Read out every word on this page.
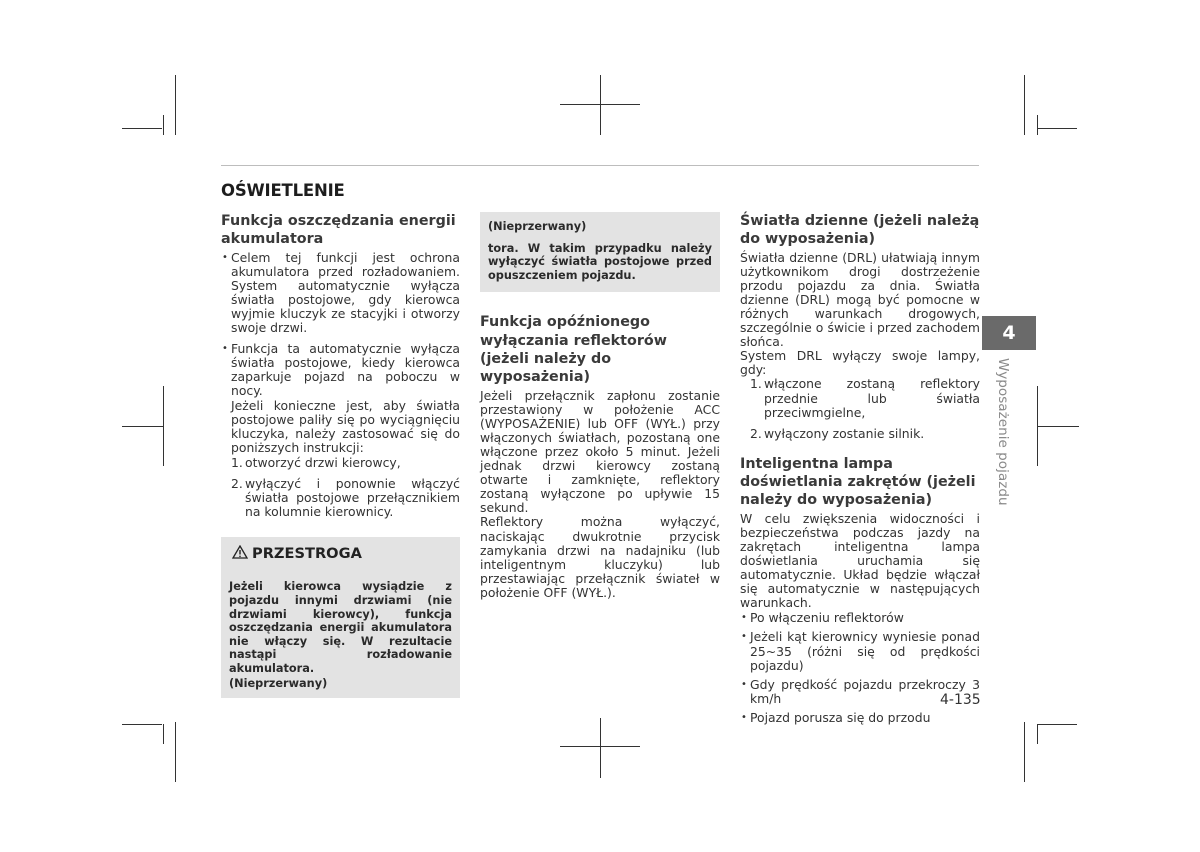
OŚWIETLENIE
Funkcja oszczędzania energii akumulatora
• Celem tej funkcji jest ochrona akumulatora przed rozładowaniem. System automatycznie wyłącza światła postojowe, gdy kierowca wyjmie kluczyk ze stacyjki i otworzy swoje drzwi.
• Funkcja ta automatycznie wyłącza światła postojowe, kiedy kierowca zaparkuje pojazd na poboczu w nocy.
Jeżeli konieczne jest, aby światła postojowe paliły się po wyciągnięciu kluczyka, należy zastosować się do poniższych instrukcji:
1. otworzyć drzwi kierowcy,
2. wyłączyć i ponownie włączyć światła postojowe przełącznikiem na kolumnie kierownicy.
PRZESTROGA
Jeżeli kierowca wysiądzie z pojazdu innymi drzwiami (nie drzwiami kierowcy), funkcja oszczędzania energii akumulatora nie włączy się. W rezultacie nastąpi rozładowanie akumulatora.
(Nieprzerwany)
(Nieprzerwany)
tora. W takim przypadku należy wyłączyć światła postojowe przed opuszczeniem pojazdu.
Funkcja opóźnionego wyłączania reflektorów (jeżeli należy do wyposażenia)

Jeżeli przełącznik zapłonu zostanie przestawiony w położenie ACC (WYPOSAŻENIE) lub OFF (WYŁ.) przy włączonych światłach, pozostaną one włączone przez około 5 minut. Jeżeli jednak drzwi kierowcy zostaną otwarte i zamknięte, reflektory zostaną wyłączone po upływie 15 sekund.

Reflektory można wyłączyć, naciskając dwukrotnie przycisk zamykania drzwi na nadajniku (lub inteligentnym kluczyku) lub przestawiając przełącznik świateł w położenie OFF (WYŁ.).

Światła dzienne (jeżeli należą do wyposażenia)

Światła dzienne (DRL) ułatwiają innym użytkownikom drogi dostrzeżenie przodu pojazdu za dnia. Światła dzienne (DRL) mogą być pomocne w różnych warunkach drogowych, szczególnie o świcie i przed zachodem słońca.

System DRL wyłączy swoje lampy, gdy:

1. włączone zostaną reflektory przednie lub światła przeciwmgielne,
2. wyłączony zostanie silnik.
Inteligentna lampa doświetlania zakrętów (jeżeli należy do wyposażenia)

W celu zwiększenia widoczności i bezpieczeństwa podczas jazdy na zakrętach inteligentna lampa doświetlania uruchamia się automatycznie. Układ będzie włączał się automatycznie w następujących warunkach.

• Po włączeniu reflektorów
• Jeżeli kąt kierownicy wyniesie ponad 25~35 (różni się od prędkości pojazdu)
• Gdy prędkość pojazdu przekroczy 3 km/h
• Pojazd porusza się do przodu
4
Wyposażenie pojazdu
4-135
